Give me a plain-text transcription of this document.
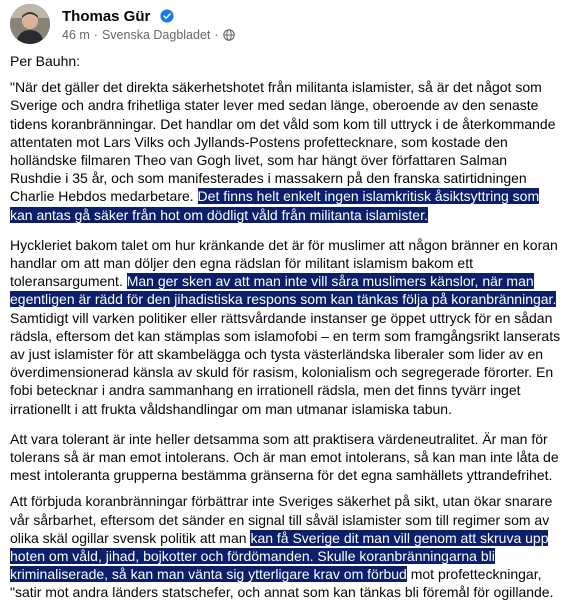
Thomas Gür
46 m · Svenska Dagbladet ·

Per Bauhn:

"När det gäller det direkta säkerhetshotet från militanta islamister, så är det något som Sverige och andra frihetliga stater lever med sedan länge, oberoende av den senaste tidens koranbränningar. Det handlar om det våld som kom till uttryck i de återkommande attentaten mot Lars Vilks och Jyllands-Postens profettecknare, som kostade den holländske filmaren Theo van Gogh livet, som har hängt över författaren Salman Rushdie i 35 år, och som manifesterades i massakern på den franska satirtidningen Charlie Hebdos medarbetare. Det finns helt enkelt ingen islamkritisk åsiktsyttring som kan antas gå säker från hot om dödligt våld från militanta islamister.

Hyckleriet bakom talet om hur kränkande det är för muslimer att någon bränner en koran handlar om att man döljer den egna rädslan för militant islamism bakom ett toleransargument. Man ger sken av att man inte vill såra muslimers känslor, när man egentligen är rädd för den jihadistiska respons som kan tänkas följa på koranbränningar. Samtidigt vill varken politiker eller rättsvårdande instanser ge öppet uttryck för en sådan rädsla, eftersom det kan stämplas som islamofobi – en term som framgångsrikt lanserats av just islamister för att skambelägga och tysta västerländska liberaler som lider av en överdimensionerad känsla av skuld för rasism, kolonialism och segregerade förorter. En fobi betecknar i andra sammanhang en irrationell rädsla, men det finns tyvärr inget irrationellt i att frukta våldshandlingar om man utmanar islamiska tabun.

Att vara tolerant är inte heller detsamma som att praktisera värdeneutralitet. Är man för tolerans så är man emot intolerans. Och är man emot intolerans, så kan man inte låta de mest intoleranta grupperna bestämma gränserna för det egna samhällets yttrandefrihet.

Att förbjuda koranbränningar förbättrar inte Sveriges säkerhet på sikt, utan ökar snarare vår sårbarhet, eftersom det sänder en signal till såväl islamister som till regimer som av olika skäl ogillar svensk politik att man kan få Sverige dit man vill genom att skruva upp hoten om våld, jihad, bojkotter och fördömanden. Skulle koranbränningarna bli kriminaliserade, så kan man vänta sig ytterligare krav om förbud mot profetteckningar, "satir mot andra länders statschefer, och annat som kan tänkas bli föremål för ogillande.
